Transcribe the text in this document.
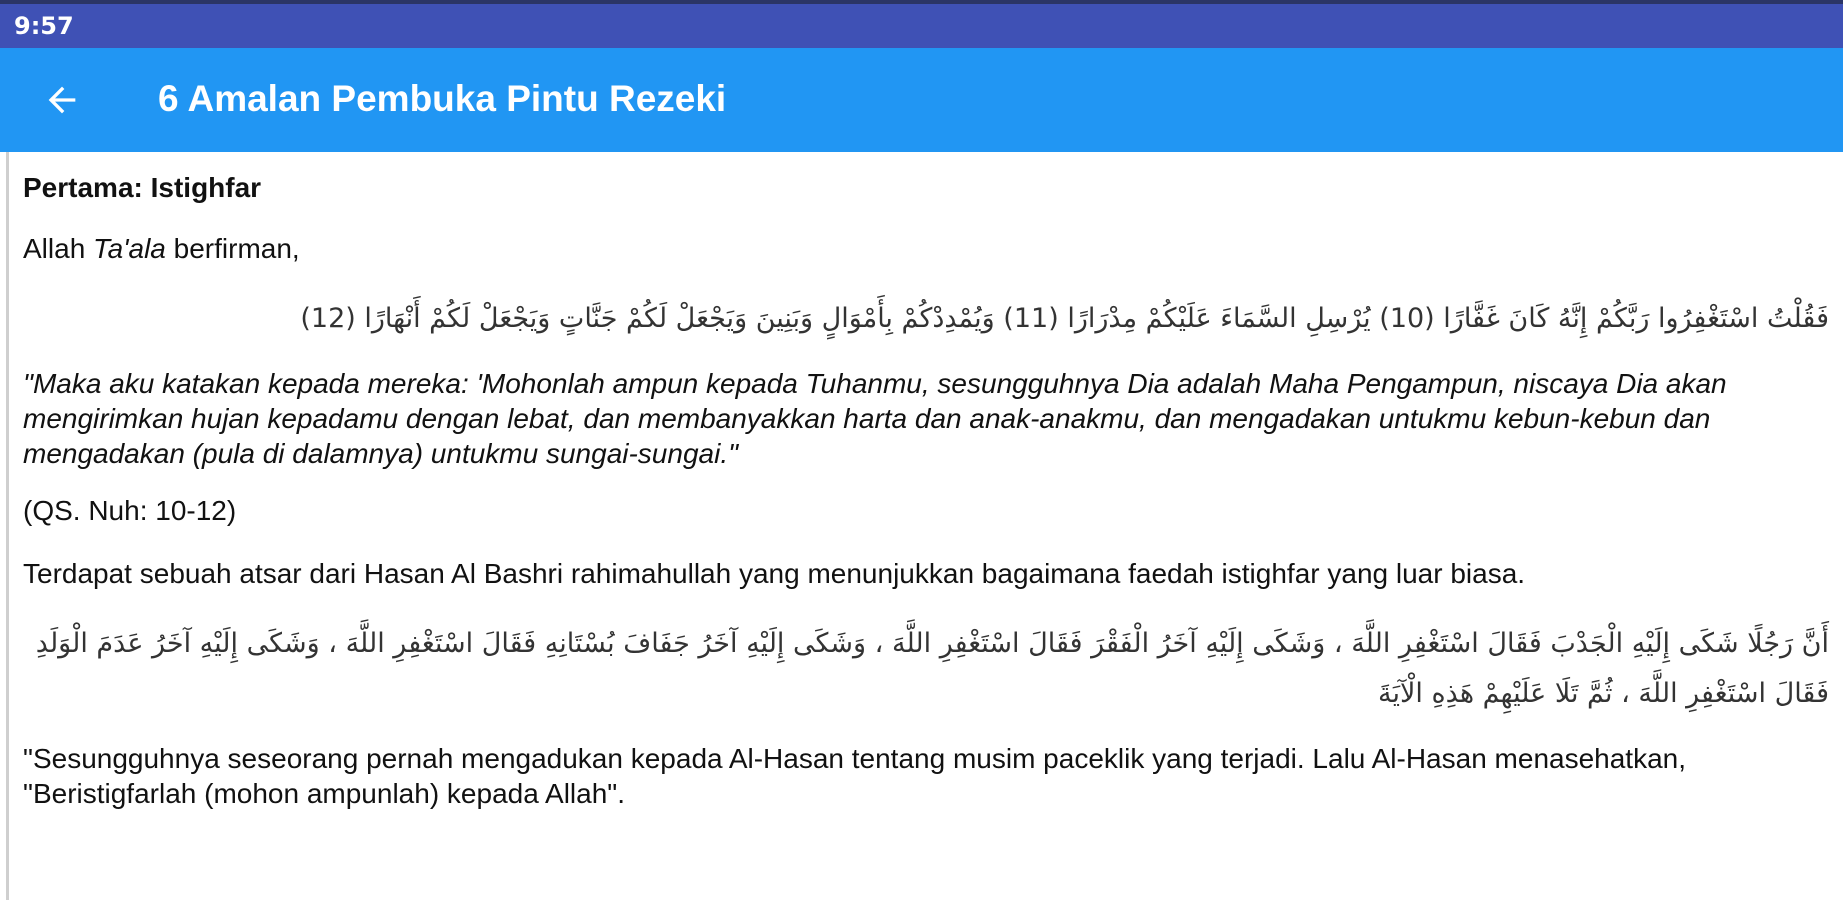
9:57
6 Amalan Pembuka Pintu Rezeki

Pertama: Istighfar

Allah Ta'ala berfirman,

فَقُلْتُ اسْتَغْفِرُوا رَبَّكُمْ إِنَّهُ كَانَ غَفَّارًا (10) يُرْسِلِ السَّمَاءَ عَلَيْكُمْ مِدْرَارًا (11) وَيُمْدِدْكُمْ بِأَمْوَالٍ وَبَنِينَ وَيَجْعَلْ لَكُمْ جَنَّاتٍ وَيَجْعَلْ لَكُمْ أَنْهَارًا (12)

"Maka aku katakan kepada mereka: 'Mohonlah ampun kepada Tuhanmu, sesungguhnya Dia adalah Maha Pengampun, niscaya Dia akan mengirimkan hujan kepadamu dengan lebat, dan membanyakkan harta dan anak-anakmu, dan mengadakan untukmu kebun-kebun dan mengadakan (pula di dalamnya) untukmu sungai-sungai."

(QS. Nuh: 10-12)

Terdapat sebuah atsar dari Hasan Al Bashri rahimahullah yang menunjukkan bagaimana faedah istighfar yang luar biasa.

أَنَّ رَجُلًا شَكَى إِلَيْهِ الْجَدْبَ فَقَالَ اسْتَغْفِرِ اللَّهَ ، وَشَكَى إِلَيْهِ آخَرُ الْفَقْرَ فَقَالَ اسْتَغْفِرِ اللَّهَ ، وَشَكَى إِلَيْهِ آخَرُ جَفَافَ بُسْتَانِهِ فَقَالَ اسْتَغْفِرِ اللَّهَ ، وَشَكَى إِلَيْهِ آخَرُ عَدَمَ الْوَلَدِ فَقَالَ اسْتَغْفِرِ اللَّهَ ، ثُمَّ تَلَا عَلَيْهِمْ هَذِهِ الْآيَةَ

"Sesungguhnya seseorang pernah mengadukan kepada Al-Hasan tentang musim paceklik yang terjadi. Lalu Al-Hasan menasehatkan, "Beristigfarlah (mohon ampunlah) kepada Allah".
